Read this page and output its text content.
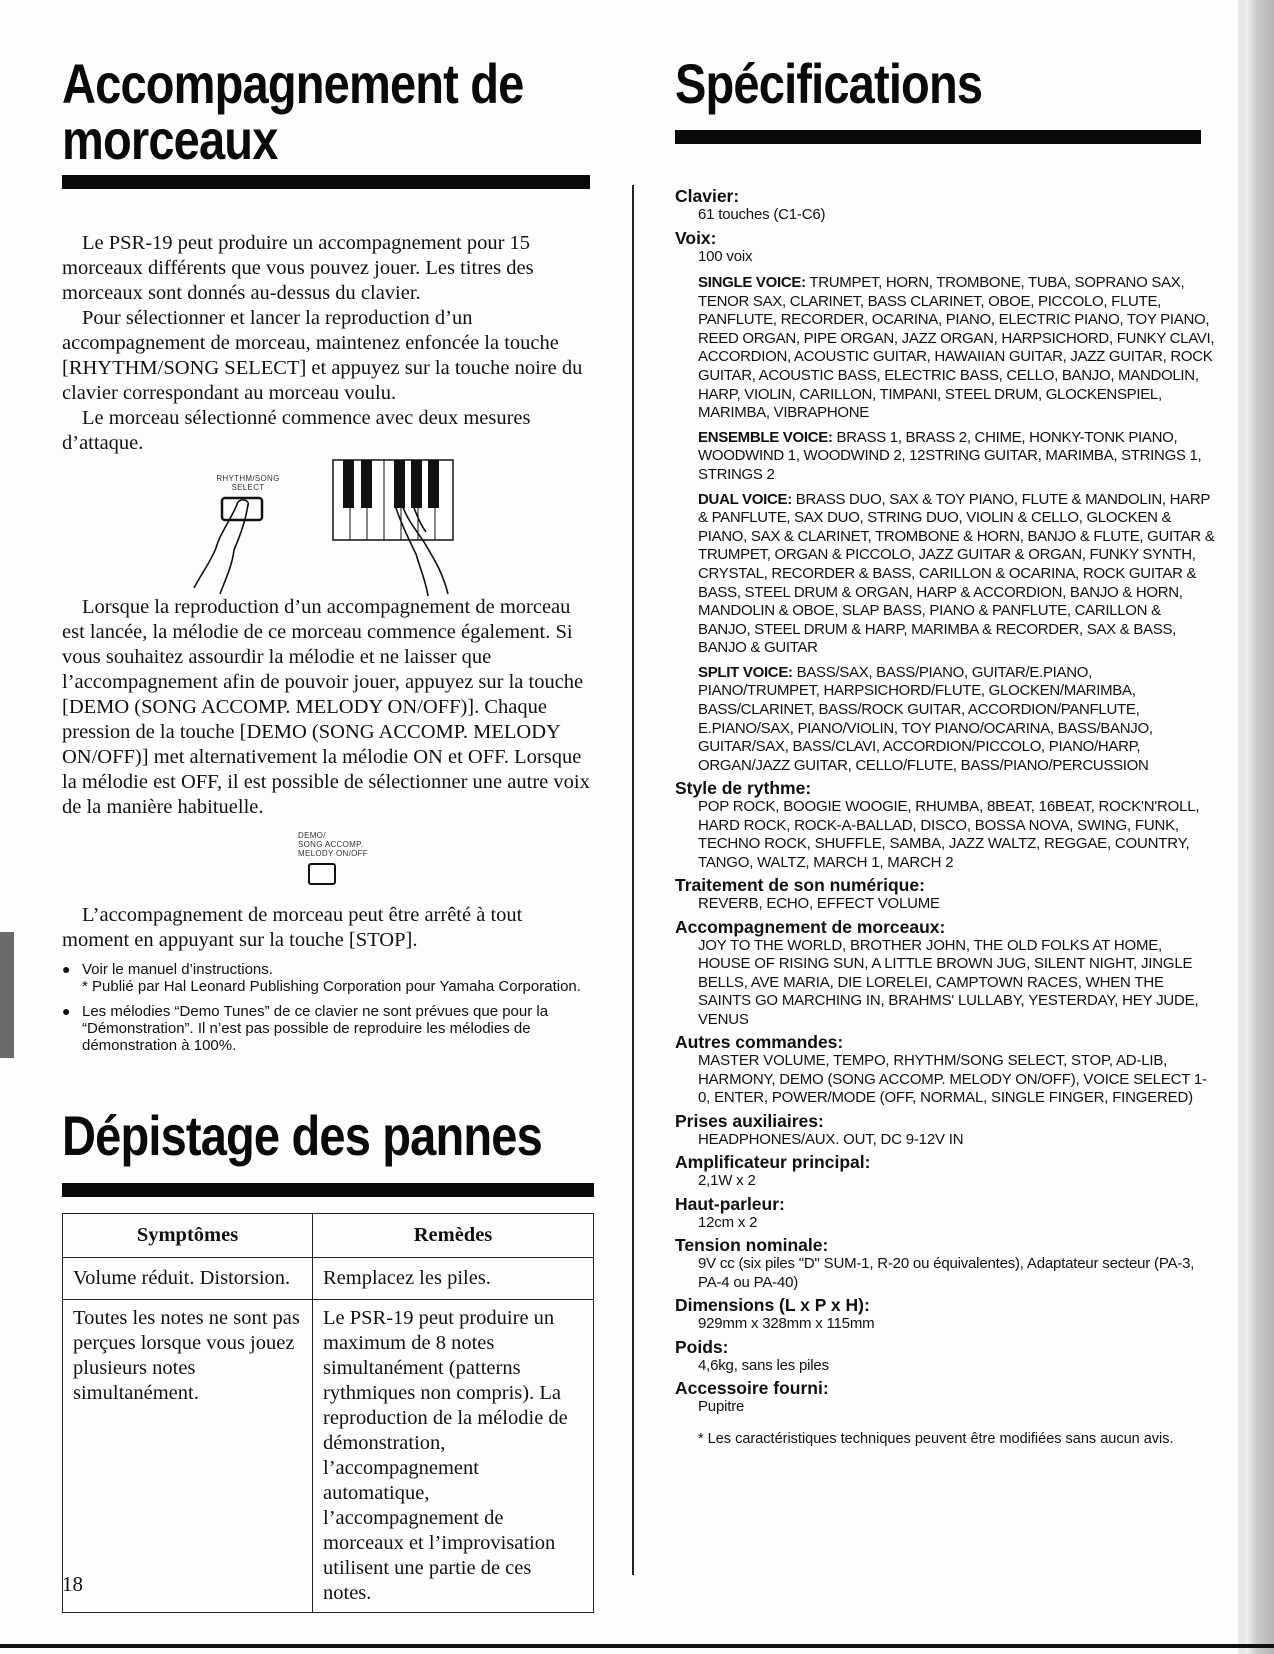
Accompagnement de
morceaux
Le PSR-19 peut produire un accompagnement pour 15 morceaux différents que vous pouvez jouer. Les titres des morceaux sont donnés au-dessus du clavier.
Pour sélectionner et lancer la reproduction d’un accompagnement de morceau, maintenez enfoncée la touche [RHYTHM/SONG SELECT] et appuyez sur la touche noire du clavier correspondant au morceau voulu.
Le morceau sélectionné commence avec deux mesures d’attaque.
RHYTHM/SONG
SELECT
Lorsque la reproduction d’un accompagnement de morceau est lancée, la mélodie de ce morceau commence également. Si vous souhaitez assourdir la mélodie et ne laisser que l’accompagnement afin de pouvoir jouer, appuyez sur la touche [DEMO (SONG ACCOMP. MELODY ON/OFF)]. Chaque pression de la touche [DEMO (SONG ACCOMP. MELODY ON/OFF)] met alternativement la mélodie ON et OFF. Lorsque la mélodie est OFF, il est possible de sélectionner une autre voix de la manière habituelle.
DEMO/
SONG ACCOMP.
MELODY ON/OFF
L’accompagnement de morceau peut être arrêté à tout moment en appuyant sur la touche [STOP].
● Voir le manuel d’instructions.
* Publié par Hal Leonard Publishing Corporation pour Yamaha Corporation.
● Les mélodies “Demo Tunes” de ce clavier ne sont prévues que pour la “Démonstration”. Il n’est pas possible de reproduire les mélodies de démonstration à 100%.
Dépistage des pannes
Symptômes	Remèdes
Volume réduit. Distorsion.	Remplacez les piles.
Toutes les notes ne sont pas perçues lorsque vous jouez plusieurs notes simultanément.	Le PSR-19 peut produire un maximum de 8 notes simultanément (patterns rythmiques non compris). La reproduction de la mélodie de démonstration, l’accompagnement automatique, l’accompagnement de morceaux et l’improvisation utilisent une partie de ces notes.
18
Spécifications
Clavier:
61 touches (C1-C6)
Voix:
100 voix
SINGLE VOICE: TRUMPET, HORN, TROMBONE, TUBA, SOPRANO SAX, TENOR SAX, CLARINET, BASS CLARINET, OBOE, PICCOLO, FLUTE, PANFLUTE, RECORDER, OCARINA, PIANO, ELECTRIC PIANO, TOY PIANO, REED ORGAN, PIPE ORGAN, JAZZ ORGAN, HARPSICHORD, FUNKY CLAVI, ACCORDION, ACOUSTIC GUITAR, HAWAIIAN GUITAR, JAZZ GUITAR, ROCK GUITAR, ACOUSTIC BASS, ELECTRIC BASS, CELLO, BANJO, MANDOLIN, HARP, VIOLIN, CARILLON, TIMPANI, STEEL DRUM, GLOCKENSPIEL, MARIMBA, VIBRAPHONE
ENSEMBLE VOICE: BRASS 1, BRASS 2, CHIME, HONKY-TONK PIANO, WOODWIND 1, WOODWIND 2, 12STRING GUITAR, MARIMBA, STRINGS 1, STRINGS 2
DUAL VOICE: BRASS DUO, SAX & TOY PIANO, FLUTE & MANDOLIN, HARP & PANFLUTE, SAX DUO, STRING DUO, VIOLIN & CELLO, GLOCKEN & PIANO, SAX & CLARINET, TROMBONE & HORN, BANJO & FLUTE, GUITAR & TRUMPET, ORGAN & PICCOLO, JAZZ GUITAR & ORGAN, FUNKY SYNTH, CRYSTAL, RECORDER & BASS, CARILLON & OCARINA, ROCK GUITAR & BASS, STEEL DRUM & ORGAN, HARP & ACCORDION, BANJO & HORN, MANDOLIN & OBOE, SLAP BASS, PIANO & PANFLUTE, CARILLON & BANJO, STEEL DRUM & HARP, MARIMBA & RECORDER, SAX & BASS, BANJO & GUITAR
SPLIT VOICE: BASS/SAX, BASS/PIANO, GUITAR/E.PIANO, PIANO/TRUMPET, HARPSICHORD/FLUTE, GLOCKEN/MARIMBA, BASS/CLARINET, BASS/ROCK GUITAR, ACCORDION/PANFLUTE, E.PIANO/SAX, PIANO/VIOLIN, TOY PIANO/OCARINA, BASS/BANJO, GUITAR/SAX, BASS/CLAVI, ACCORDION/PICCOLO, PIANO/HARP, ORGAN/JAZZ GUITAR, CELLO/FLUTE, BASS/PIANO/PERCUSSION
Style de rythme:
POP ROCK, BOOGIE WOOGIE, RHUMBA, 8BEAT, 16BEAT, ROCK'N'ROLL, HARD ROCK, ROCK-A-BALLAD, DISCO, BOSSA NOVA, SWING, FUNK, TECHNO ROCK, SHUFFLE, SAMBA, JAZZ WALTZ, REGGAE, COUNTRY, TANGO, WALTZ, MARCH 1, MARCH 2
Traitement de son numérique:
REVERB, ECHO, EFFECT VOLUME
Accompagnement de morceaux:
JOY TO THE WORLD, BROTHER JOHN, THE OLD FOLKS AT HOME, HOUSE OF RISING SUN, A LITTLE BROWN JUG, SILENT NIGHT, JINGLE BELLS, AVE MARIA, DIE LORELEI, CAMPTOWN RACES, WHEN THE SAINTS GO MARCHING IN, BRAHMS' LULLABY, YESTERDAY, HEY JUDE, VENUS
Autres commandes:
MASTER VOLUME, TEMPO, RHYTHM/SONG SELECT, STOP, AD-LIB, HARMONY, DEMO (SONG ACCOMP. MELODY ON/OFF), VOICE SELECT 1-0, ENTER, POWER/MODE (OFF, NORMAL, SINGLE FINGER, FINGERED)
Prises auxiliaires:
HEADPHONES/AUX. OUT, DC 9-12V IN
Amplificateur principal:
2,1W x 2
Haut-parleur:
12cm x 2
Tension nominale:
9V cc (six piles "D" SUM-1, R-20 ou équivalentes), Adaptateur secteur (PA-3, PA-4 ou PA-40)
Dimensions (L x P x H):
929mm x 328mm x 115mm
Poids:
4,6kg, sans les piles
Accessoire fourni:
Pupitre
* Les caractéristiques techniques peuvent être modifiées sans aucun avis.
